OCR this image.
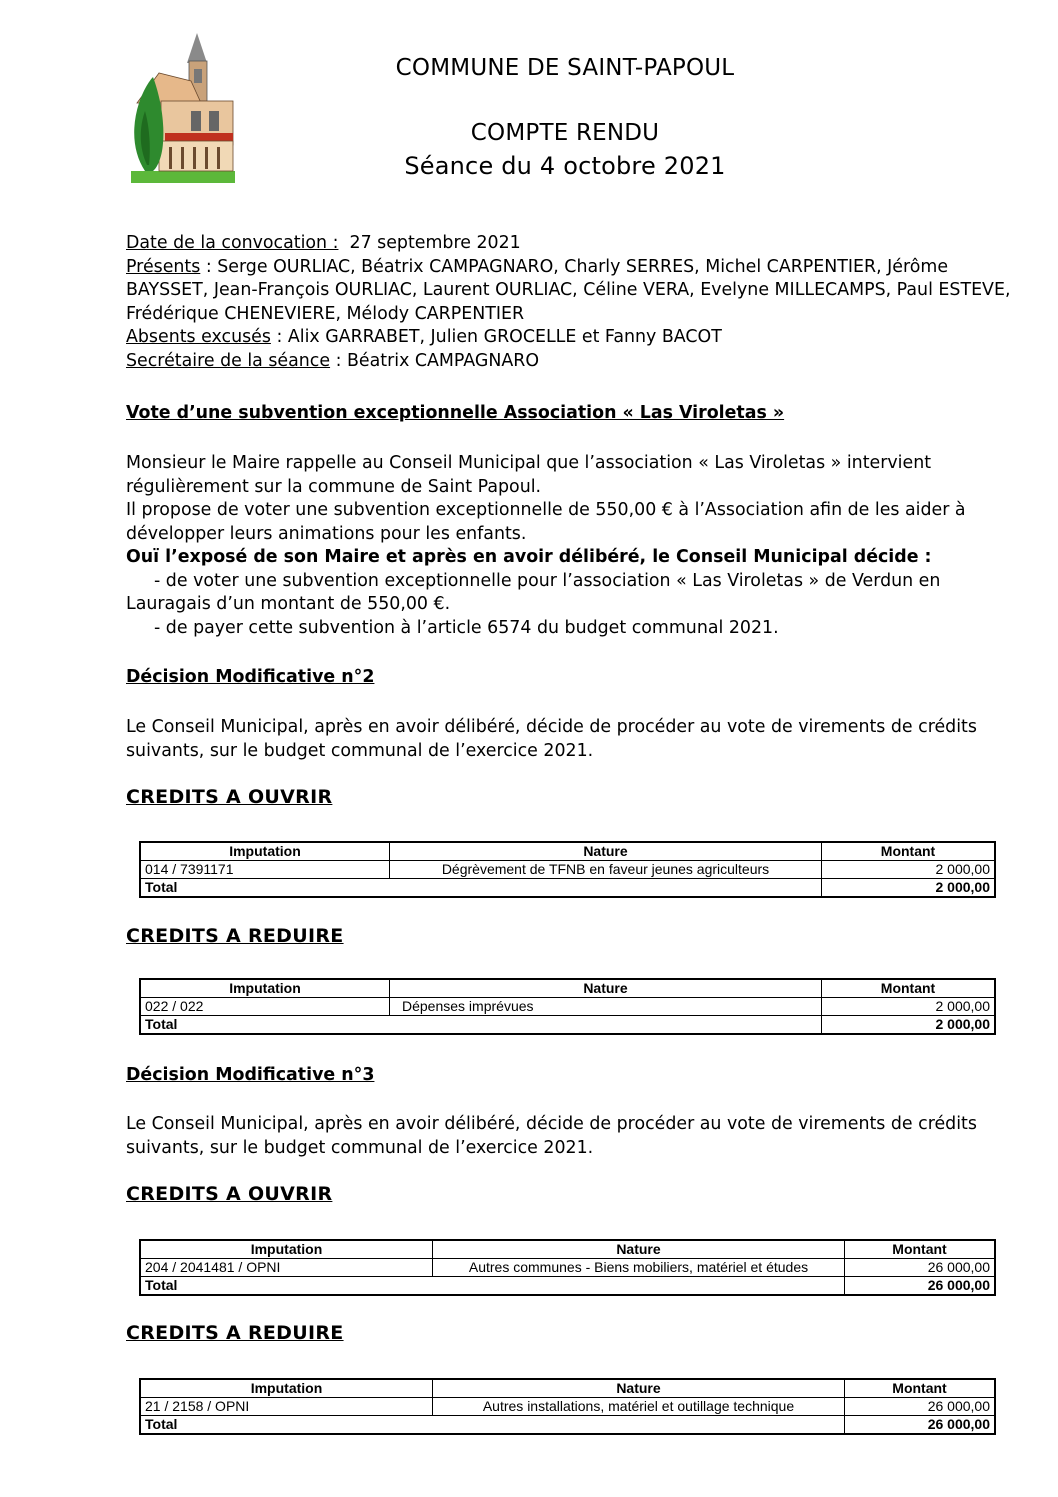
COMMUNE DE SAINT-PAPOUL
COMPTE RENDU
Séance du 4 octobre 2021
Date de la convocation :  27 septembre 2021
Présents : Serge OURLIAC, Béatrix CAMPAGNARO, Charly SERRES, Michel CARPENTIER, Jérôme BAYSSET, Jean-François OURLIAC, Laurent OURLIAC, Céline VERA, Evelyne MILLECAMPS, Paul ESTEVE, Frédérique CHENEVIERE, Mélody CARPENTIER
Absents excusés : Alix GARRABET, Julien GROCELLE et Fanny BACOT
Secrétaire de la séance : Béatrix CAMPAGNARO
Vote d’une subvention exceptionnelle Association « Las Viroletas »
Monsieur le Maire rappelle au Conseil Municipal que l’association « Las Viroletas » intervient régulièrement sur la commune de Saint Papoul.
Il propose de voter une subvention exceptionnelle de 550,00 € à l’Association afin de les aider à développer leurs animations pour les enfants.
Ouï l’exposé de son Maire et après en avoir délibéré, le Conseil Municipal décide :
- de voter une subvention exceptionnelle pour l’association « Las Viroletas » de Verdun en
Lauragais d’un montant de 550,00 €.
- de payer cette subvention à l’article 6574 du budget communal 2021.
Décision Modificative n°2
Le Conseil Municipal, après en avoir délibéré, décide de procéder au vote de virements de crédits suivants, sur le budget communal de l’exercice 2021.
CREDITS A OUVRIR
Imputation	Nature	Montant
014 / 7391171	Dégrèvement de TFNB en faveur jeunes agriculteurs	2 000,00
Total		2 000,00
CREDITS A REDUIRE
Imputation	Nature	Montant
022 / 022	Dépenses imprévues	2 000,00
Total		2 000,00
Décision Modificative n°3
Le Conseil Municipal, après en avoir délibéré, décide de procéder au vote de virements de crédits suivants, sur le budget communal de l’exercice 2021.
CREDITS A OUVRIR
Imputation	Nature	Montant
204 / 2041481 / OPNI	Autres communes - Biens mobiliers, matériel et études	26 000,00
Total		26 000,00
CREDITS A REDUIRE
Imputation	Nature	Montant
21 / 2158 / OPNI	Autres installations, matériel et outillage technique	26 000,00
Total		26 000,00
